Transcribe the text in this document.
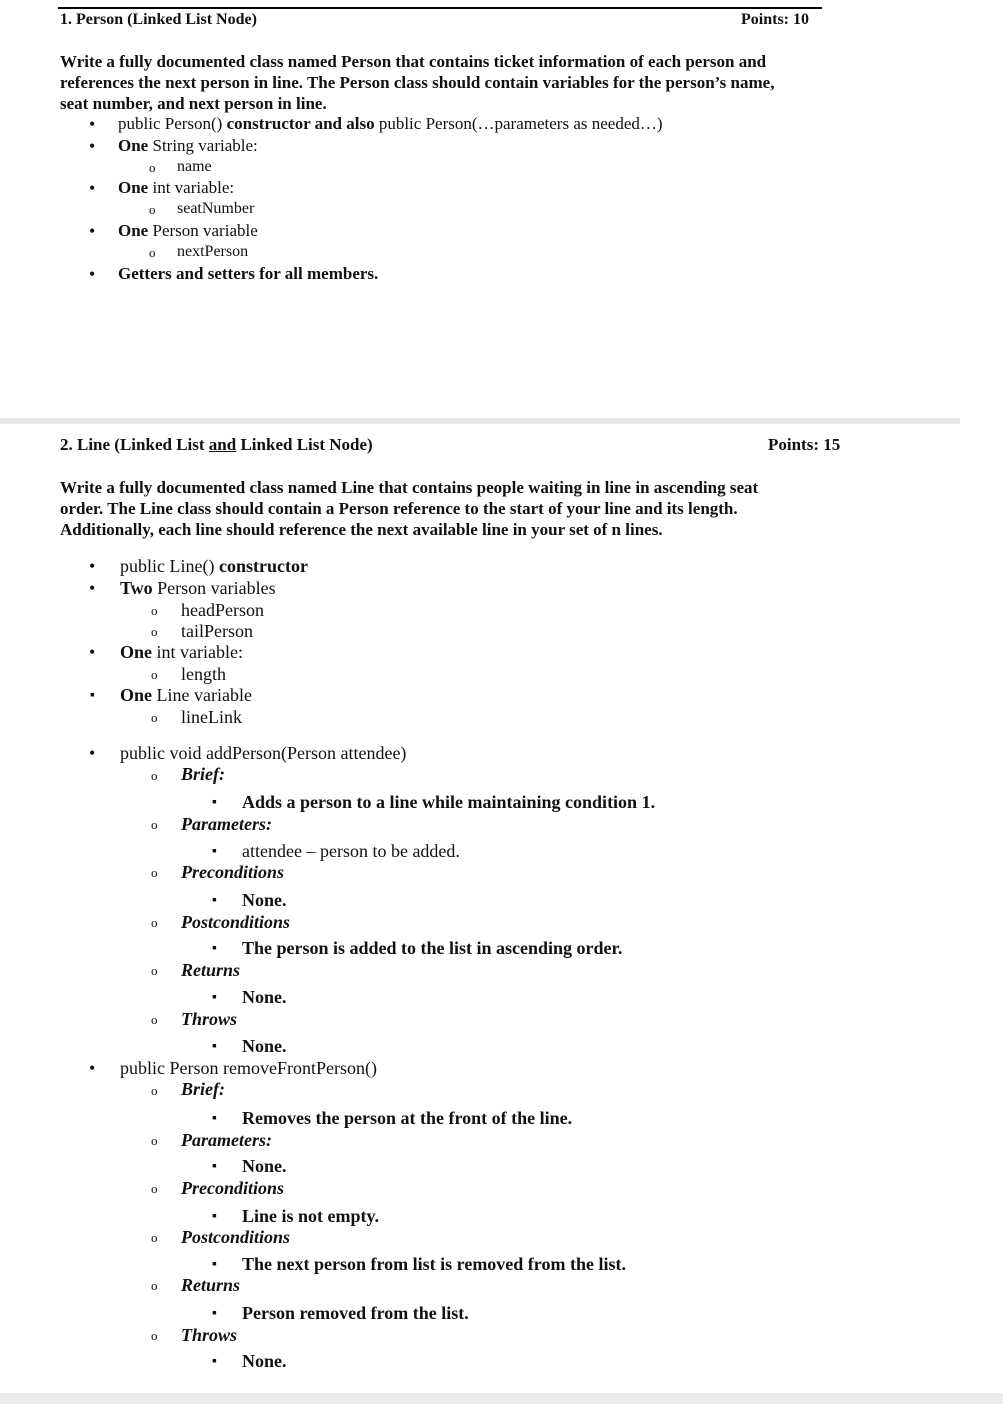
1. Person (Linked List Node)	Points: 10
Write a fully documented class named Person that contains ticket information of each person and
references the next person in line. The Person class should contain variables for the person’s name,
seat number, and next person in line.
• public Person() constructor and also public Person(…parameters as needed…)
• One String variable:
o name
• One int variable:
o seatNumber
• One Person variable
o nextPerson
• Getters and setters for all members.
2. Line (Linked List and Linked List Node)	Points: 15
Write a fully documented class named Line that contains people waiting in line in ascending seat
order. The Line class should contain a Person reference to the start of your line and its length.
Additionally, each line should reference the next available line in your set of n lines.
• public Line() constructor
• Two Person variables
o headPerson
o tailPerson
• One int variable:
o length
▪ One Line variable
o lineLink
• public void addPerson(Person attendee)
o Brief:
▪ Adds a person to a line while maintaining condition 1.
o Parameters:
▪ attendee – person to be added.
o Preconditions
▪ None.
o Postconditions
▪ The person is added to the list in ascending order.
o Returns
▪ None.
o Throws
▪ None.
• public Person removeFrontPerson()
o Brief:
▪ Removes the person at the front of the line.
o Parameters:
▪ None.
o Preconditions
▪ Line is not empty.
o Postconditions
▪ The next person from list is removed from the list.
o Returns
▪ Person removed from the list.
o Throws
▪ None.
